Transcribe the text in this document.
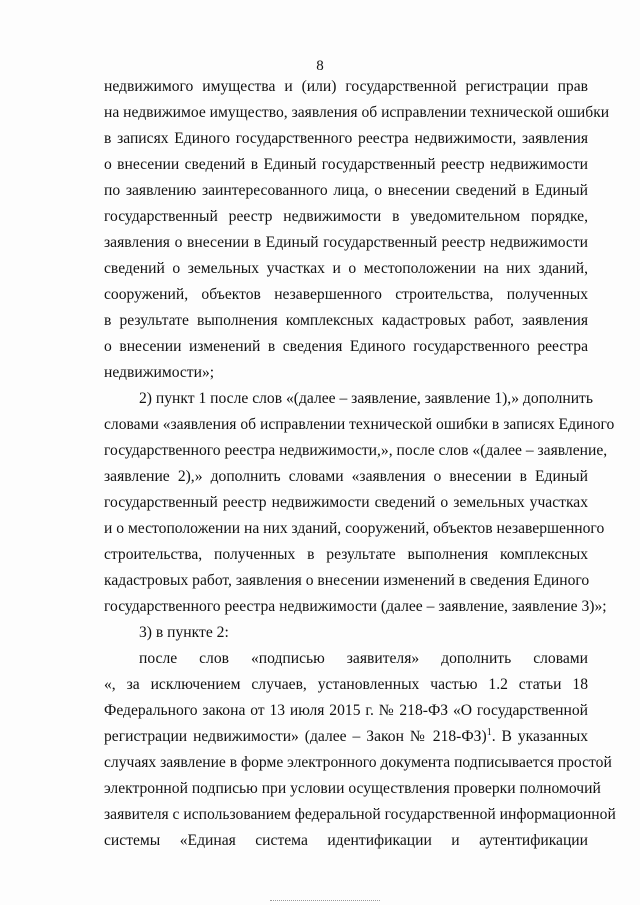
8
недвижимого имущества и (или) государственной регистрации прав
на недвижимое имущество, заявления об исправлении технической ошибки
в записях Единого государственного реестра недвижимости, заявления
о внесении сведений в Единый государственный реестр недвижимости
по заявлению заинтересованного лица, о внесении сведений в Единый
государственный реестр недвижимости в уведомительном порядке,
заявления о внесении в Единый государственный реестр недвижимости
сведений о земельных участках и о местоположении на них зданий,
сооружений, объектов незавершенного строительства, полученных
в результате выполнения комплексных кадастровых работ, заявления
о внесении изменений в сведения Единого государственного реестра
недвижимости»;
2) пункт 1 после слов «(далее – заявление, заявление 1),» дополнить
словами «заявления об исправлении технической ошибки в записях Единого
государственного реестра недвижимости,», после слов «(далее – заявление,
заявление 2),» дополнить словами «заявления о внесении в Единый
государственный реестр недвижимости сведений о земельных участках
и о местоположении на них зданий, сооружений, объектов незавершенного
строительства, полученных в результате выполнения комплексных
кадастровых работ, заявления о внесении изменений в сведения Единого
государственного реестра недвижимости (далее – заявление, заявление 3)»;
3) в пункте 2:
после слов «подписью заявителя» дополнить словами
«, за исключением случаев, установленных частью 1.2 статьи 18
Федерального закона от 13 июля 2015 г. № 218-ФЗ «О государственной
регистрации недвижимости» (далее – Закон № 218-ФЗ)$^1$. В указанных
случаях заявление в форме электронного документа подписывается простой
электронной подписью при условии осуществления проверки полномочий
заявителя с использованием федеральной государственной информационной
системы «Единая система идентификации и аутентификации
